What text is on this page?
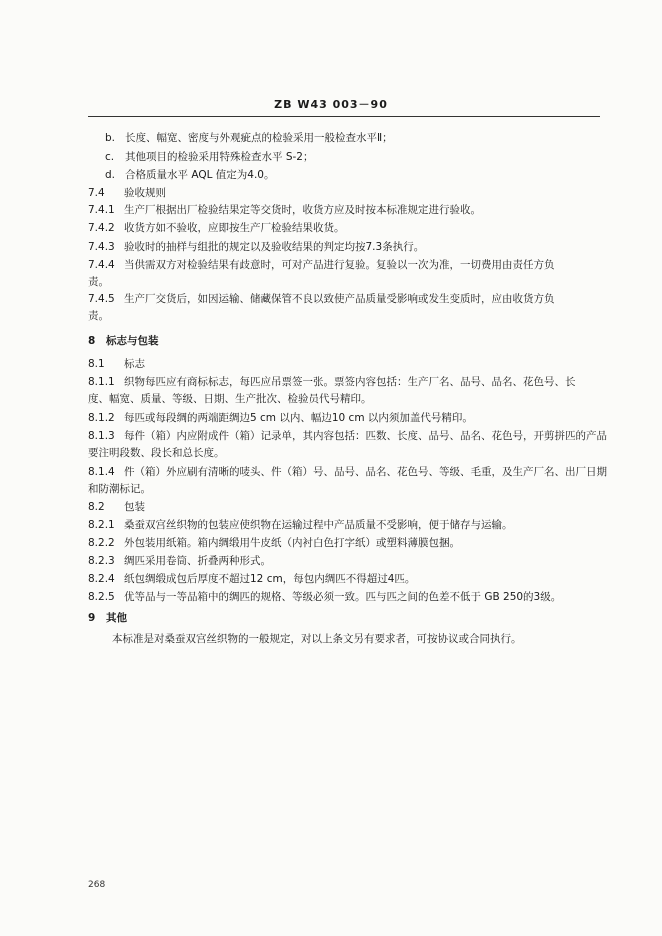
ZB W43 003－90
b. 长度、幅宽、密度与外观疵点的检验采用一般检查水平Ⅱ；
c. 其他项目的检验采用特殊检查水平 S-2；
d. 合格质量水平 AQL 值定为4.0。
7.4 验收规则
7.4.1 生产厂根据出厂检验结果定等交货时，收货方应及时按本标准规定进行验收。
7.4.2 收货方如不验收，应即按生产厂检验结果收货。
7.4.3 验收时的抽样与组批的规定以及验收结果的判定均按7.3条执行。
7.4.4 当供需双方对检验结果有歧意时，可对产品进行复验。复验以一次为准，一切费用由责任方负
责。
7.4.5 生产厂交货后，如因运输、储藏保管不良以致使产品质量受影响或发生变质时，应由收货方负
责。
8 标志与包装
8.1 标志
8.1.1 织物每匹应有商标标志，每匹应吊票签一张。票签内容包括：生产厂名、品号、品名、花色号、长
度、幅宽、质量、等级、日期、生产批次、检验员代号精印。
8.1.2 每匹或每段绸的两端距绸边5 cm 以内、幅边10 cm 以内须加盖代号精印。
8.1.3 每件（箱）内应附成件（箱）记录单，其内容包括：匹数、长度、品号、品名、花色号，开剪拼匹的产品
要注明段数、段长和总长度。
8.1.4 件（箱）外应刷有清晰的唛头、件（箱）号、品号、品名、花色号、等级、毛重，及生产厂名、出厂日期
和防潮标记。
8.2 包装
8.2.1 桑蚕双宫丝织物的包装应使织物在运输过程中产品质量不受影响，便于储存与运输。
8.2.2 外包装用纸箱。箱内绸缎用牛皮纸（内衬白色打字纸）或塑料薄膜包捆。
8.2.3 绸匹采用卷筒、折叠两种形式。
8.2.4 纸包绸缎成包后厚度不超过12 cm，每包内绸匹不得超过4匹。
8.2.5 优等品与一等品箱中的绸匹的规格、等级必须一致。匹与匹之间的色差不低于 GB 250的3级。
9 其他
本标准是对桑蚕双宫丝织物的一般规定，对以上条文另有要求者，可按协议或合同执行。
268
